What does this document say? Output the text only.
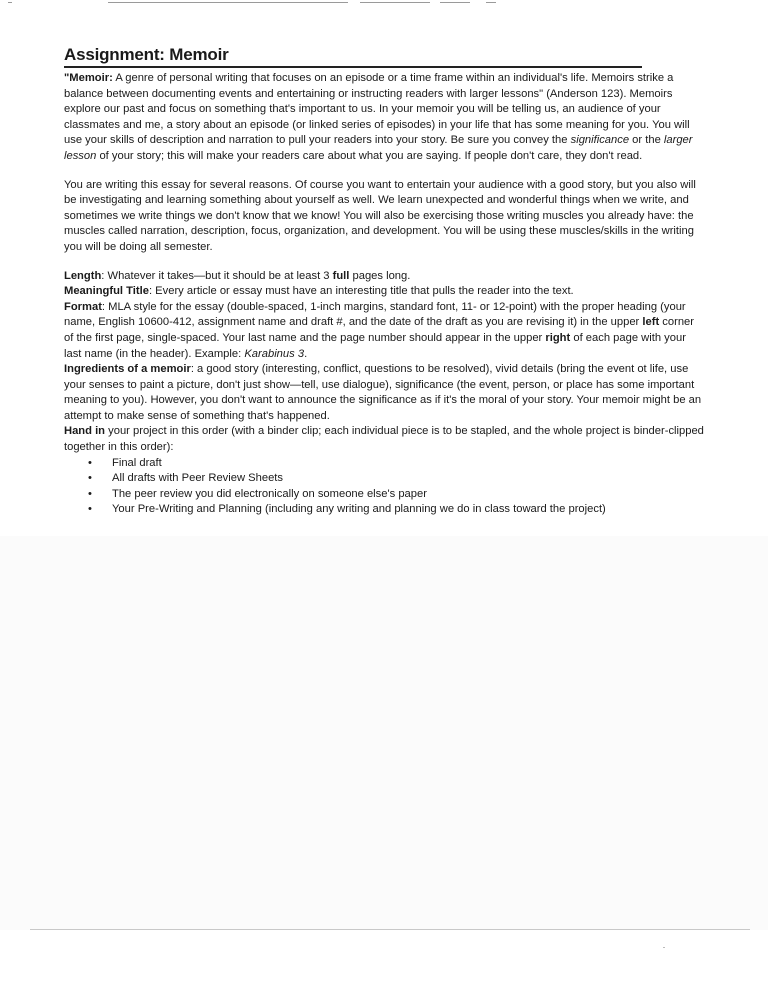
Assignment: Memoir

"Memoir: A genre of personal writing that focuses on an episode or a time frame within an individual's life. Memoirs strike a balance between documenting events and entertaining or instructing readers with larger lessons" (Anderson 123). Memoirs explore our past and focus on something that's important to us. In your memoir you will be telling us, an audience of your classmates and me, a story about an episode (or linked series of episodes) in your life that has some meaning for you. You will use your skills of description and narration to pull your readers into your story. Be sure you convey the significance or the larger lesson of your story; this will make your readers care about what you are saying. If people don't care, they don't read.

You are writing this essay for several reasons. Of course you want to entertain your audience with a good story, but you also will be investigating and learning something about yourself as well. We learn unexpected and wonderful things when we write, and sometimes we write things we don't know that we know! You will also be exercising those writing muscles you already have: the muscles called narration, description, focus, organization, and development. You will be using these muscles/skills in the writing you will be doing all semester.

Length: Whatever it takes—but it should be at least 3 full pages long.

Meaningful Title: Every article or essay must have an interesting title that pulls the reader into the text.

Format: MLA style for the essay (double-spaced, 1-inch margins, standard font, 11- or 12-point) with the proper heading (your name, English 10600-412, assignment name and draft #, and the date of the draft as you are revising it) in the upper left corner of the first page, single-spaced. Your last name and the page number should appear in the upper right of each page with your last name (in the header). Example: Karabinus 3.

Ingredients of a memoir: a good story (interesting, conflict, questions to be resolved), vivid details (bring the event ot life, use your senses to paint a picture, don't just show—tell, use dialogue), significance (the event, person, or place has some important meaning to you). However, you don't want to announce the significance as if it's the moral of your story. Your memoir might be an attempt to make sense of something that's happened.

Hand in your project in this order (with a binder clip; each individual piece is to be stapled, and the whole project is binder-clipped together in this order):

• Final draft
• All drafts with Peer Review Sheets
• The peer review you did electronically on someone else's paper
• Your Pre-Writing and Planning (including any writing and planning we do in class toward the project)
